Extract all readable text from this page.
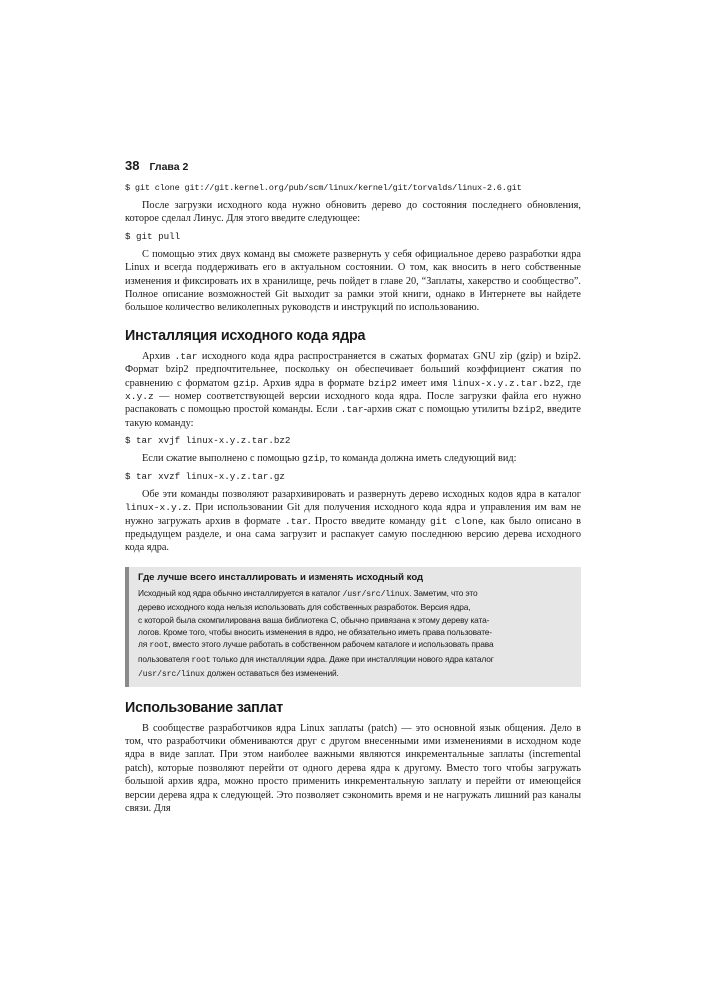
38 Глава 2
$ git clone git://git.kernel.org/pub/scm/linux/kernel/git/torvalds/linux-2.6.git

После загрузки исходного кода нужно обновить дерево до состояния последнего обновления, которое сделал Линус. Для этого введите следующее:

$ git pull

С помощью этих двух команд вы сможете развернуть у себя официальное дерево разработки ядра Linux и всегда поддерживать его в актуальном состоянии. О том, как вносить в него собственные изменения и фиксировать их в хранилище, речь пойдет в главе 20, “Заплаты, хакерство и сообщество”. Полное описание возможностей Git выходит за рамки этой книги, однако в Интернете вы найдете большое количество великолепных руководств и инструкций по использованию.

Инсталляция исходного кода ядра

Архив .tar исходного кода ядра распространяется в сжатых форматах GNU zip (gzip) и bzip2. Формат bzip2 предпочтительнее, поскольку он обеспечивает больший коэффициент сжатия по сравнению с форматом gzip. Архив ядра в формате bzip2 имеет имя linux-x.y.z.tar.bz2, где x.y.z — номер соответствующей версии исходного кода ядра. После загрузки файла его нужно распаковать с помощью простой команды. Если .tar-архив сжат с помощью утилиты bzip2, введите такую команду:

$ tar xvjf linux-x.y.z.tar.bz2

Если сжатие выполнено с помощью gzip, то команда должна иметь следующий вид:

$ tar xvzf linux-x.y.z.tar.gz

Обе эти команды позволяют разархивировать и развернуть дерево исходных кодов ядра в каталог linux-x.y.z. При использовании Git для получения исходного кода ядра и управления им вам не нужно загружать архив в формате .tar. Просто введите команду git clone, как было описано в предыдущем разделе, и она сама загрузит и распакует самую последнюю версию дерева исходного кода ядра.

Где лучше всего инсталлировать и изменять исходный код
Исходный код ядра обычно инсталлируется в каталог /usr/src/linux. Заметим, что это
дерево исходного кода нельзя использовать для собственных разработок. Версия ядра,
с которой была скомпилирована ваша библиотека C, обычно привязана к этому дереву ката-
логов. Кроме того, чтобы вносить изменения в ядро, не обязательно иметь права пользовате-
ля root, вместо этого лучше работать в собственном рабочем каталоге и использовать права
пользователя root только для инсталляции ядра. Даже при инсталляции нового ядра каталог
/usr/src/linux должен оставаться без изменений.
Использование заплат

В сообществе разработчиков ядра Linux заплаты (patch) — это основной язык общения. Дело в том, что разработчики обмениваются друг с другом внесенными ими изменениями в исходном коде ядра в виде заплат. При этом наиболее важными являются инкрементальные заплаты (incremental patch), которые позволяют перейти от одного дерева ядра к другому. Вместо того чтобы загружать большой архив ядра, можно просто применить инкрементальную заплату и перейти от имеющейся версии дерева ядра к следующей. Это позволяет сэкономить время и не нагружать лишний раз каналы связи. Для
